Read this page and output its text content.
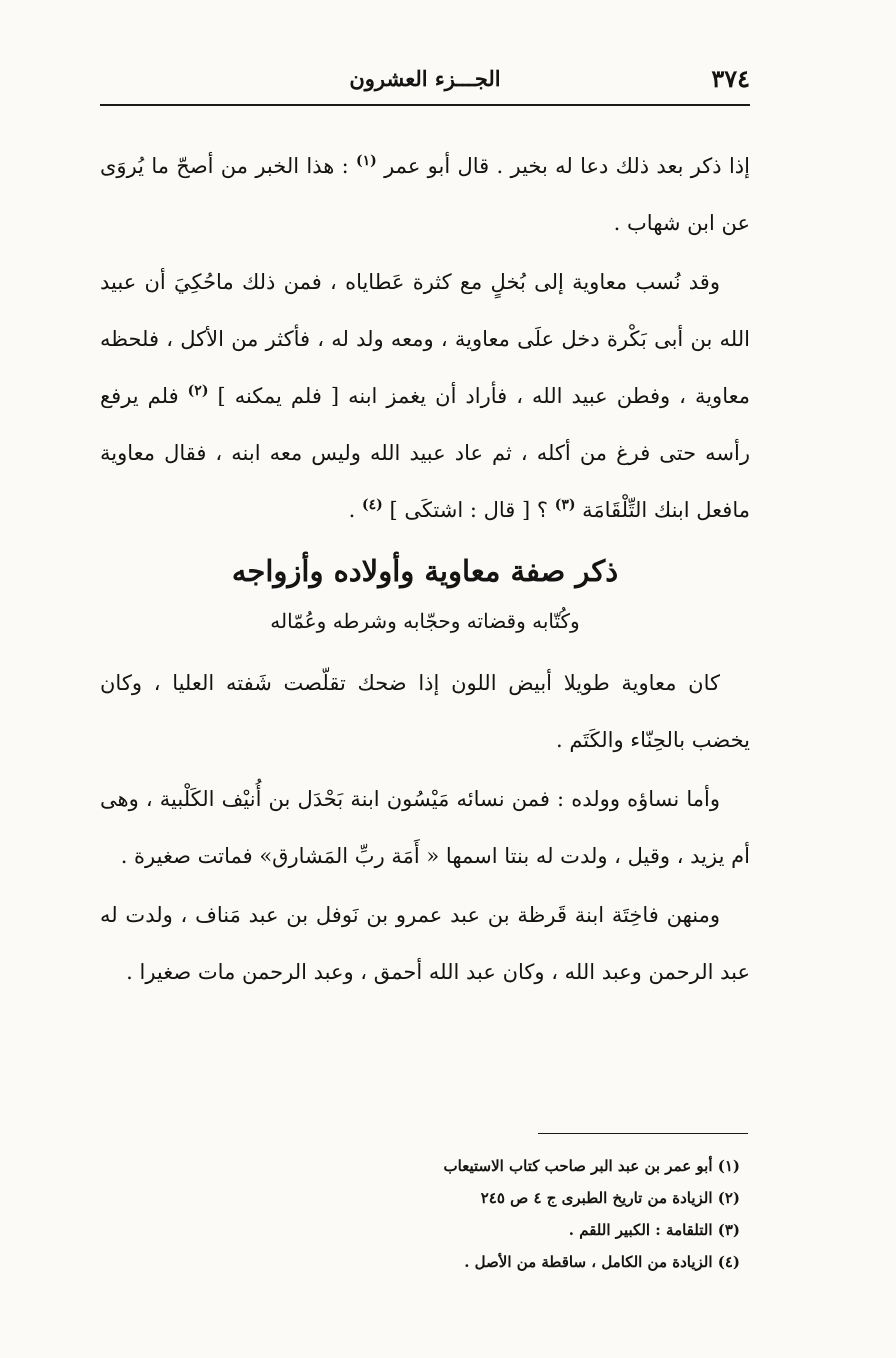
٣٧٤
الجـــزء العشرون

إذا ذكر بعد ذلك دعا له بخير . قال أبو عمر $^{(١)}$ : هذا الخبر من أصحّ ما يُروَى عن ابن شهاب .

وقد نُسب معاوية إلى بُخلٍ مع كثرة عَطاياه ، فمن ذلك ماحُكِيَ أن عبيد الله بن أبى بَكْرة دخل علَى معاوية ، ومعه ولد له ، فأكثر من الأكل ، فلحظه معاوية ، وفطن عبيد الله ، فأراد أن يغمز ابنه [ فلم يمكنه ] $^{(٢)}$ فلم يرفع رأسه حتى فرغ من أكله ، ثم عاد عبيد الله وليس معه ابنه ، فقال معاوية مافعل ابنك التِّلْقَامَة $^{(٣)}$ ؟ [ قال : اشتكَى ] $^{(٤)}$ .

ذكر صفة معاوية وأولاده وأزواجه
وكُتّابه وقضاته وحجّابه وشرطه وعُمّاله

كان معاوية طويلا أبيض اللون إذا ضحك تقلّصت شَفته العليا ، وكان يخضب بالحِنّاء والكَتَم .

وأما نساؤه وولده : فمن نسائه مَيْسُون ابنة بَحْدَل بن أُنيْف الكَلْبية ، وهى أم يزيد ، وقيل ، ولدت له بنتا اسمها « أَمَة ربِّ المَشارق» فماتت صغيرة .

ومنهن فاخِتَة ابنة قَرظة بن عبد عمرو بن نَوفل بن عبد مَناف ، ولدت له عبد الرحمن وعبد الله ، وكان عبد الله أحمق ، وعبد الرحمن مات صغيرا .

(١) أبو عمر بن عبد البر صاحب كتاب الاستيعاب
(٢) الزيادة من تاريخ الطبرى ج ٤ ص ٢٤٥
(٣) التلقامة : الكبير اللقم .
(٤) الزيادة من الكامل ، ساقطة من الأصل .
